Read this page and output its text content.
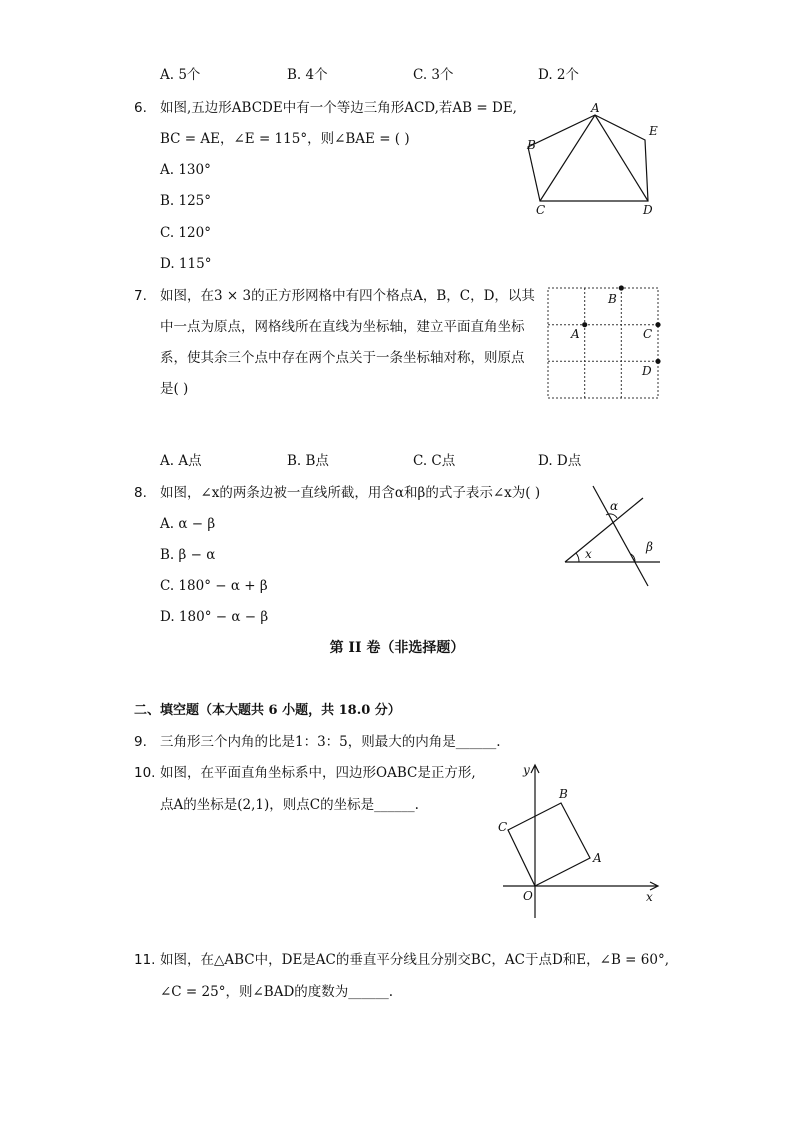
A. 5个	B. 4个	C. 3个	D. 2个
6. 如图,五边形ABCDE中有一个等边三角形ACD,若AB = DE,
BC = AE，∠E = 115°，则∠BAE = ( )
A. 130°
B. 125°
C. 120°
D. 115°
A
B
C	D
E
7. 如图，在3 × 3的正方形网格中有四个格点A，B，C，D，以其
中一点为原点，网格线所在直线为坐标轴，建立平面直角坐标
系，使其余三个点中存在两个点关于一条坐标轴对称，则原点
是( )
B
A	C
D
A. A点	B. B点	C. C点	D. D点
8. 如图，∠x的两条边被一直线所截，用含α和β的式子表示∠x为( )
A. α − β
B. β − α
C. 180° − α + β
D. 180° − α − β
x
α
β
第 II 卷（非选择题）
二、填空题（本大题共 6 小题，共 18.0 分）
9. 三角形三个内角的比是1：3：5，则最大的内角是______.
10. 如图，在平面直角坐标系中，四边形OABC是正方形,
点A的坐标是(2,1)，则点C的坐标是______.
y
x
O
A
B
C
11. 如图，在△ABC中，DE是AC的垂直平分线且分别交BC，AC于点D和E，∠B = 60°,
∠C = 25°，则∠BAD的度数为______.
